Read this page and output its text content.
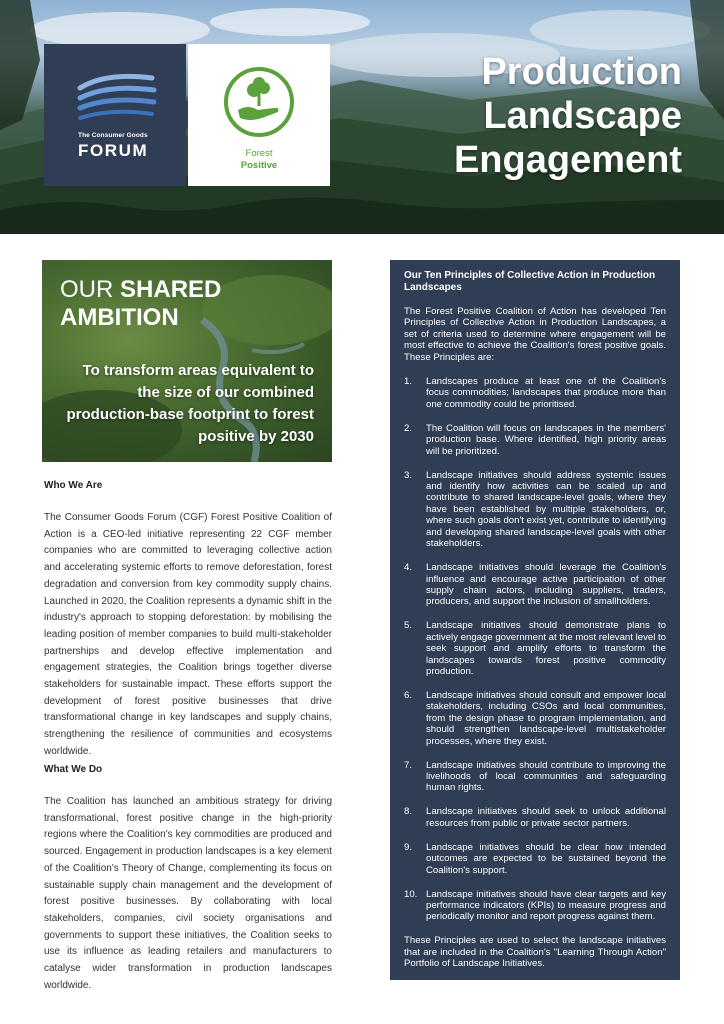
The Consumer Goods
FORUM	Forest
Positive
Production
Landscape
Engagement
OUR SHARED
AMBITION
To transform areas equivalent to the size of our combined production-base footprint to forest positive by 2030
Who We Are

The Consumer Goods Forum (CGF) Forest Positive Coalition of Action is a CEO-led initiative representing 22 CGF member companies who are committed to leveraging collective action and accelerating systemic efforts to remove deforestation, forest degradation and conversion from key commodity supply chains. Launched in 2020, the Coalition represents a dynamic shift in the industry's approach to stopping deforestation: by mobilising the leading position of member companies to build multi-stakeholder partnerships and develop effective implementation and engagement strategies, the Coalition brings together diverse stakeholders for sustainable impact. These efforts support the development of forest positive businesses that drive transformational change in key landscapes and supply chains, strengthening the resilience of communities and ecosystems worldwide.

What We Do

The Coalition has launched an ambitious strategy for driving transformational, forest positive change in the high-priority regions where the Coalition's key commodities are produced and sourced. Engagement in production landscapes is a key element of the Coalition's Theory of Change, complementing its focus on sustainable supply chain management and the development of forest positive businesses. By collaborating with local stakeholders, companies, civil society organisations and governments to support these initiatives, the Coalition seeks to use its influence as leading retailers and manufacturers to catalyse wider transformation in production landscapes worldwide.

Our Ten Principles of Collective Action in Production Landscapes

The Forest Positive Coalition of Action has developed Ten Principles of Collective Action in Production Landscapes, a set of criteria used to determine where engagement will be most effective to achieve the Coalition's forest positive goals. These Principles are:

1. Landscapes produce at least one of the Coalition's focus commodities; landscapes that produce more than one commodity could be prioritised.
2. The Coalition will focus on landscapes in the members' production base. Where identified, high priority areas will be prioritized.
3. Landscape initiatives should address systemic issues and identify how activities can be scaled up and contribute to shared landscape-level goals, where they have been established by multiple stakeholders, or, where such goals don't exist yet, contribute to identifying and developing shared landscape-level goals with other stakeholders.
4. Landscape initiatives should leverage the Coalition's influence and encourage active participation of other supply chain actors, including suppliers, traders, producers, and support the inclusion of smallholders.
5. Landscape initiatives should demonstrate plans to actively engage government at the most relevant level to seek support and amplify efforts to transform the landscapes towards forest positive commodity production.
6. Landscape initiatives should consult and empower local stakeholders, including CSOs and local communities, from the design phase to program implementation, and should strengthen landscape-level multistakeholder processes, where they exist.
7. Landscape initiatives should contribute to improving the livelihoods of local communities and safeguarding human rights.
8. Landscape initiatives should seek to unlock additional resources from public or private sector partners.
9. Landscape initiatives should be clear how intended outcomes are expected to be sustained beyond the Coalition's support.
10. Landscape initiatives should have clear targets and key performance indicators (KPIs) to measure progress and periodically monitor and report progress against them.

These Principles are used to select the landscape initiatives that are included in the Coalition's "Learning Through Action" Portfolio of Landscape Initiatives.
